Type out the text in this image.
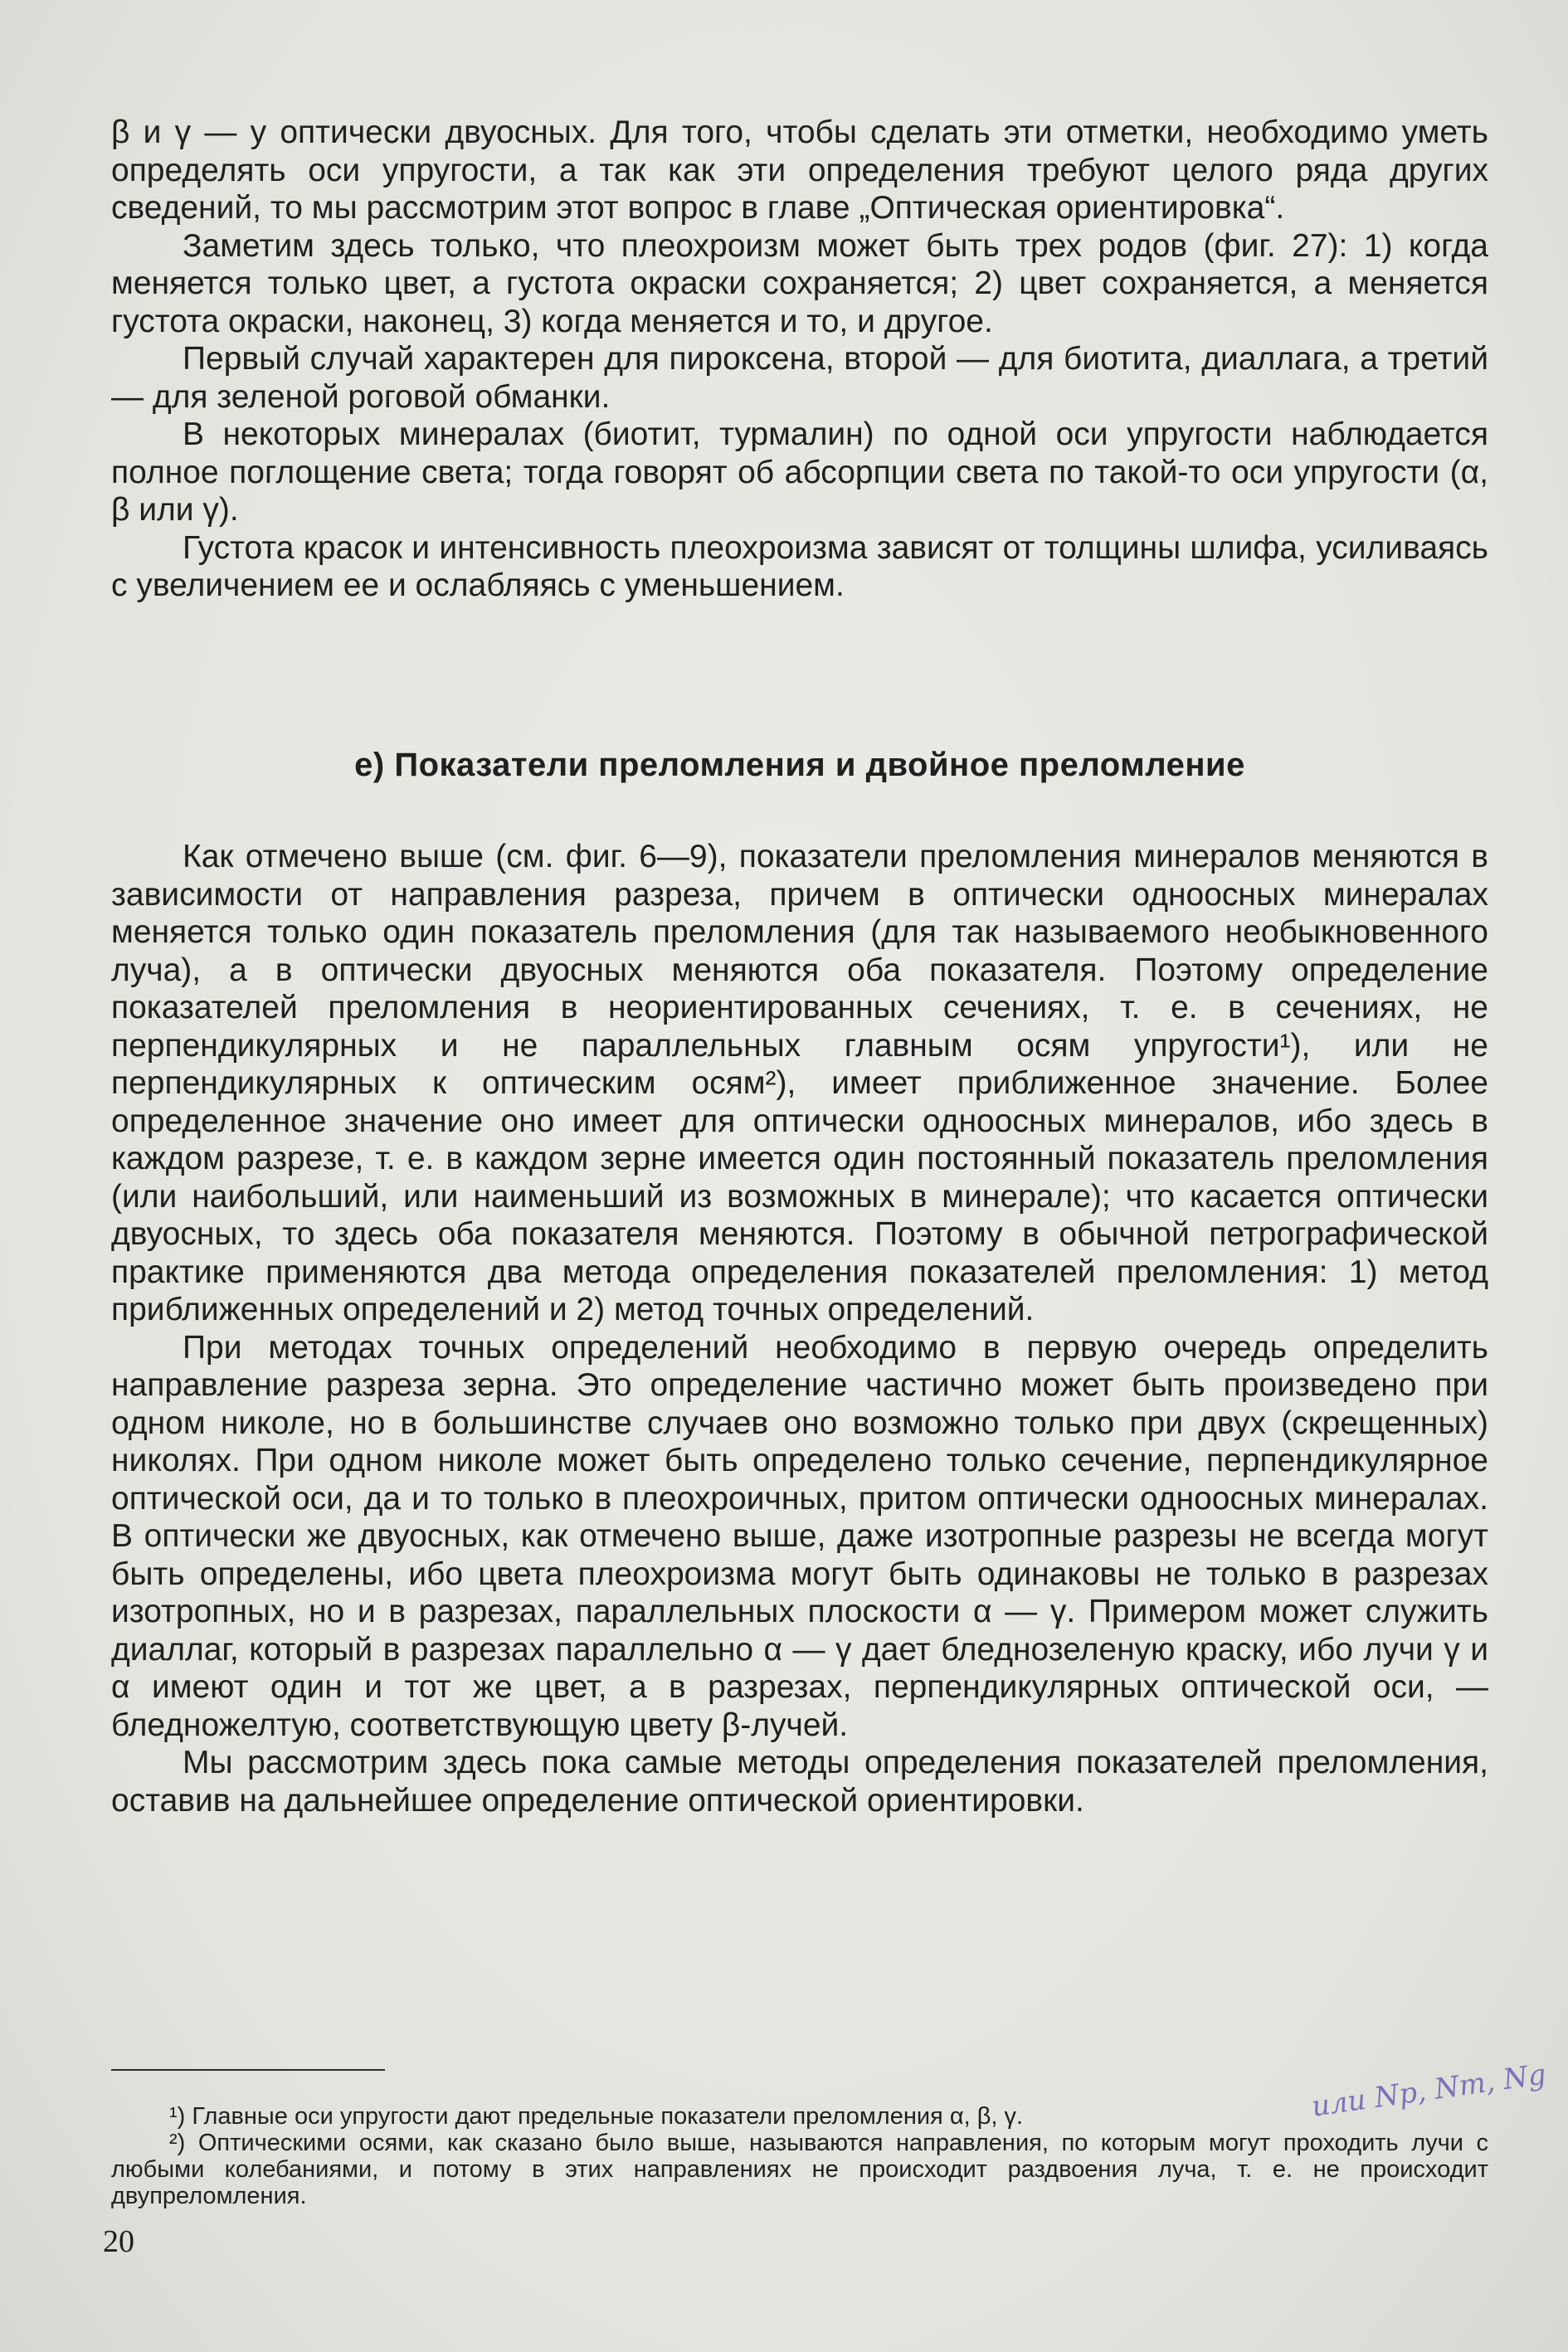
β и γ — у оптически двуосных. Для того, чтобы сделать эти отметки, необходимо уметь определять оси упругости, а так как эти определения требуют целого ряда других сведений, то мы рассмотрим этот вопрос в главе „Оптическая ориентировка“.

Заметим здесь только, что плеохроизм может быть трех родов (фиг. 27): 1) когда меняется только цвет, а густота окраски сохраняется; 2) цвет сохраняется, а меняется густота окраски, наконец, 3) когда меняется и то, и другое.

Первый случай характерен для пироксена, второй — для биотита, диаллага, а третий — для зеленой роговой обманки.

В некоторых минералах (биотит, турмалин) по одной оси упругости наблюдается полное поглощение света; тогда говорят об абсорпции света по такой-то оси упругости (α, β или γ).

Густота красок и интенсивность плеохроизма зависят от толщины шлифа, усиливаясь с увеличением ее и ослабляясь с уменьшением.

е) Показатели преломления и двойное преломление

Как отмечено выше (см. фиг. 6—9), показатели преломления минералов меняются в зависимости от направления разреза, причем в оптически одноосных минералах меняется только один показатель преломления (для так называемого необыкновенного луча), а в оптически двуосных меняются оба показателя. Поэтому определение показателей преломления в неориентированных сечениях, т. е. в сечениях, не перпендикулярных и не параллельных главным осям упругости¹), или не перпендикулярных к оптическим осям²), имеет приближенное значение. Более определенное значение оно имеет для оптически одноосных минералов, ибо здесь в каждом разрезе, т. е. в каждом зерне имеется один постоянный показатель преломления (или наибольший, или наименьший из возможных в минерале); что касается оптически двуосных, то здесь оба показателя меняются. Поэтому в обычной петрографической практике применяются два метода определения показателей преломления: 1) метод приближенных определений и 2) метод точных определений.

При методах точных определений необходимо в первую очередь определить направление разреза зерна. Это определение частично может быть произведено при одном николе, но в большинстве случаев оно возможно только при двух (скрещенных) николях. При одном николе может быть определено только сечение, перпендикулярное оптической оси, да и то только в плеохроичных, притом оптически одноосных минералах. В оптически же двуосных, как отмечено выше, даже изотропные разрезы не всегда могут быть определены, ибо цвета плеохроизма могут быть одинаковы не только в разрезах изотропных, но и в разрезах, параллельных плоскости α — γ. Примером может служить диаллаг, который в разрезах параллельно α — γ дает бледнозеленую краску, ибо лучи γ и α имеют один и тот же цвет, а в разрезах, перпендикулярных оптической оси, — бледножелтую, соответствующую цвету β-лучей.

Мы рассмотрим здесь пока самые методы определения показателей преломления, оставив на дальнейшее определение оптической ориентировки.

¹) Главные оси упругости дают предельные показатели преломления α, β, γ.

²) Оптическими осями, как сказано было выше, называются направления, по которым могут проходить лучи с любыми колебаниями, и потому в этих направлениях не происходит раздвоения луча, т. е. не происходит двупреломления.

или Np, Nm, Ng
20
